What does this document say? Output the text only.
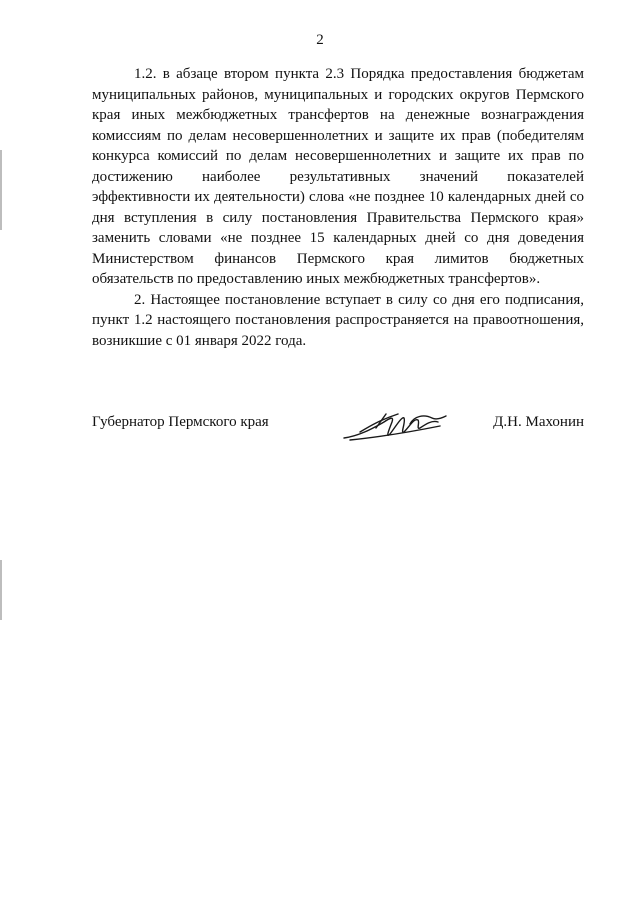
2

1.2. в абзаце втором пункта 2.3 Порядка предоставления бюджетам муниципальных районов, муниципальных и городских округов Пермского края иных межбюджетных трансфертов на денежные вознаграждения комиссиям по делам несовершеннолетних и защите их прав (победителям конкурса комиссий по делам несовершеннолетних и защите их прав по достижению наиболее результативных значений показателей эффективности их деятельности) слова «не позднее 10 календарных дней со дня вступления в силу постановления Правительства Пермского края» заменить словами «не позднее 15 календарных дней со дня доведения Министерством финансов Пермского края лимитов бюджетных обязательств по предоставлению иных межбюджетных трансфертов».

2. Настоящее постановление вступает в силу со дня его подписания, пункт 1.2 настоящего постановления распространяется на правоотношения, возникшие с 01 января 2022 года.

Губернатор Пермского края	Д.Н. Махонин
